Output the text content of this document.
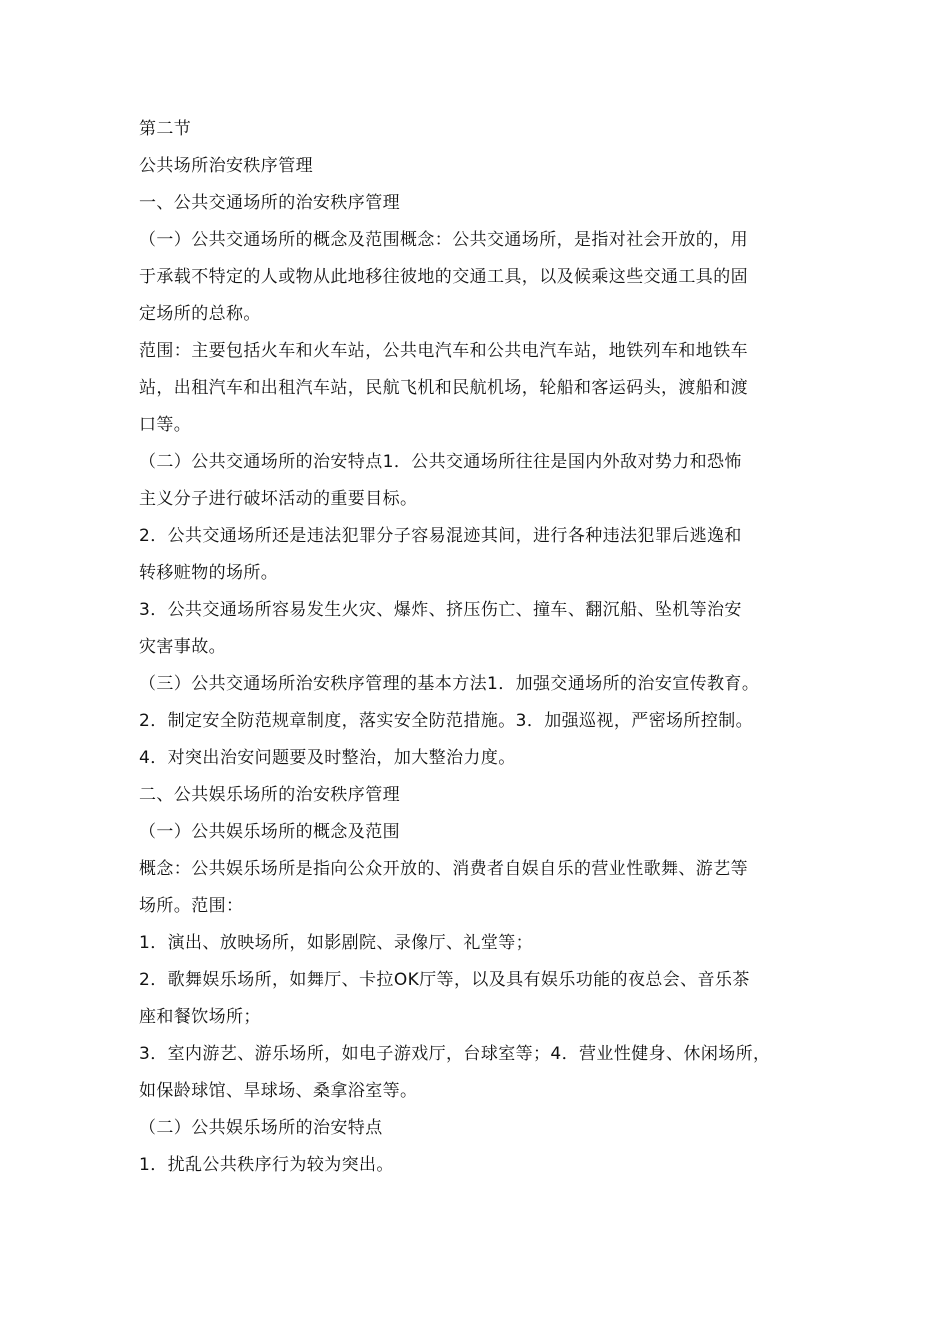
第二节
公共场所治安秩序管理
一、公共交通场所的治安秩序管理
（一）公共交通场所的概念及范围概念：公共交通场所，是指对社会开放的，用
于承载不特定的人或物从此地移往彼地的交通工具，以及候乘这些交通工具的固
定场所的总称。
范围：主要包括火车和火车站，公共电汽车和公共电汽车站，地铁列车和地铁车
站，出租汽车和出租汽车站，民航飞机和民航机场，轮船和客运码头，渡船和渡
口等。
（二）公共交通场所的治安特点1．公共交通场所往往是国内外敌对势力和恐怖
主义分子进行破坏活动的重要目标。
2．公共交通场所还是违法犯罪分子容易混迹其间，进行各种违法犯罪后逃逸和
转移赃物的场所。
3．公共交通场所容易发生火灾、爆炸、挤压伤亡、撞车、翻沉船、坠机等治安
灾害事故。
（三）公共交通场所治安秩序管理的基本方法1．加强交通场所的治安宣传教育。
2．制定安全防范规章制度，落实安全防范措施。3．加强巡视，严密场所控制。
4．对突出治安问题要及时整治，加大整治力度。
二、公共娱乐场所的治安秩序管理
（一）公共娱乐场所的概念及范围
概念：公共娱乐场所是指向公众开放的、消费者自娱自乐的营业性歌舞、游艺等
场所。范围：
1．演出、放映场所，如影剧院、录像厅、礼堂等；
2．歌舞娱乐场所，如舞厅、卡拉OK厅等，以及具有娱乐功能的夜总会、音乐茶
座和餐饮场所；
3．室内游艺、游乐场所，如电子游戏厅，台球室等；4．营业性健身、休闲场所，
如保龄球馆、旱球场、桑拿浴室等。
（二）公共娱乐场所的治安特点
1．扰乱公共秩序行为较为突出。
